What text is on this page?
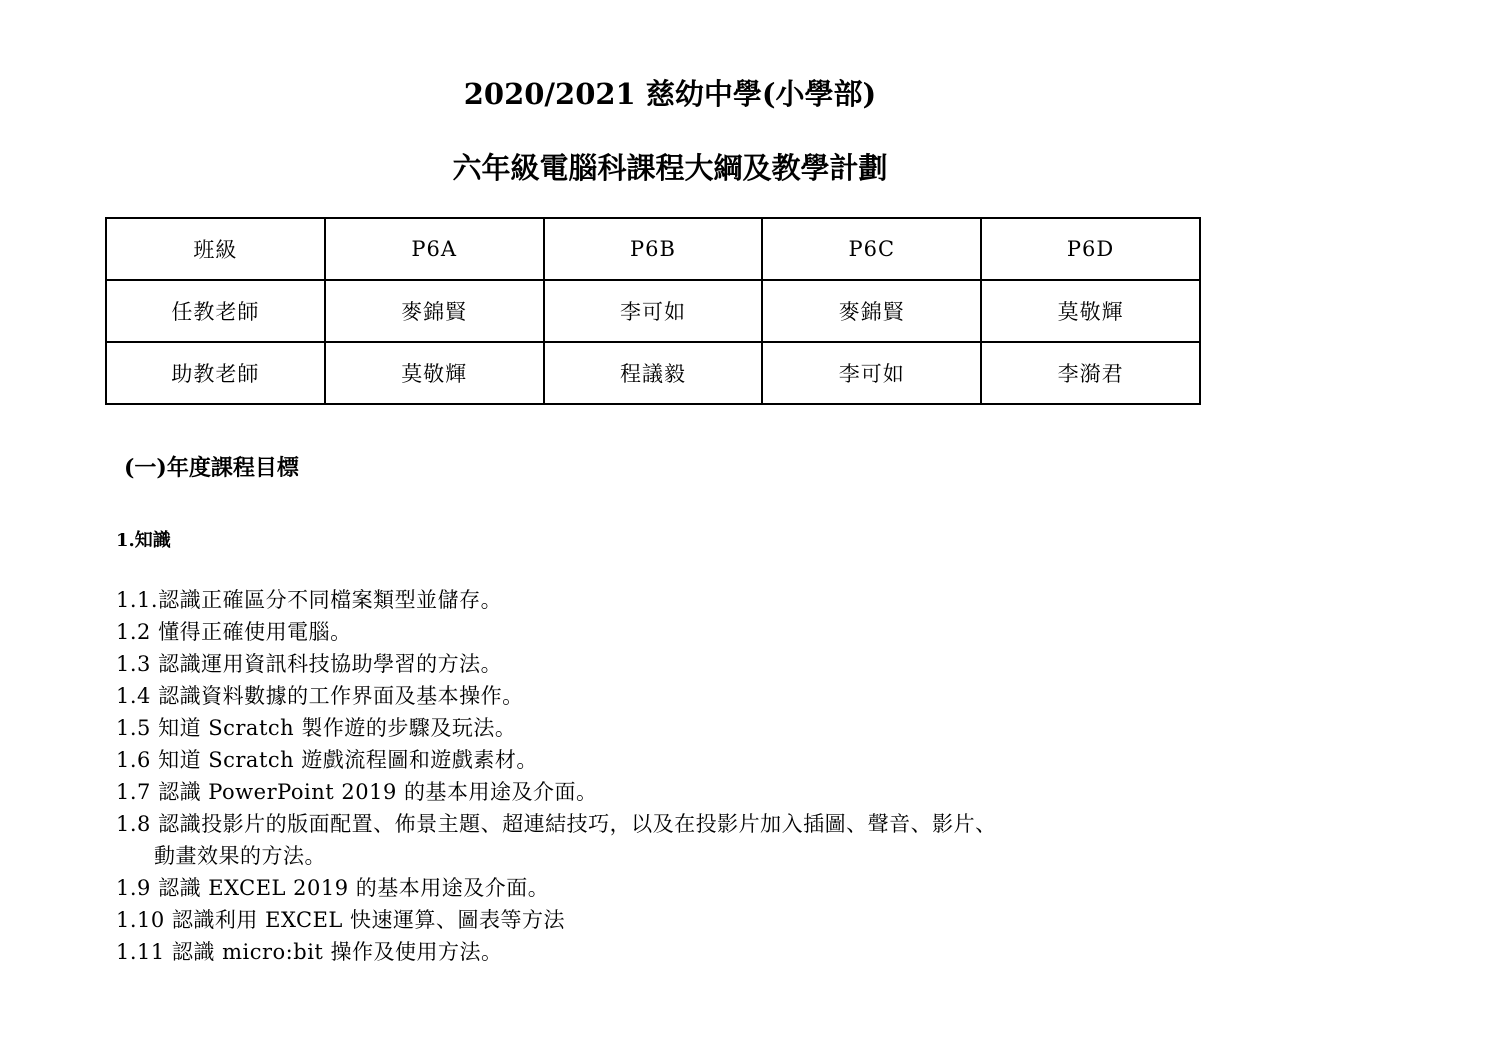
2020/2021 慈幼中學(小學部)
六年級電腦科課程大綱及教學計劃
班級	P6A	P6B	P6C	P6D
任教老師	麥錦賢	李可如	麥錦賢	莫敬輝
助教老師	莫敬輝	程議毅	李可如	李漪君
(一)年度課程目標
1.知識
1.1.認識正確區分不同檔案類型並儲存。
1.2 懂得正確使用電腦。
1.3 認識運用資訊科技協助學習的方法。
1.4 認識資料數據的工作界面及基本操作。
1.5 知道 Scratch 製作遊的步驟及玩法。
1.6 知道 Scratch 遊戲流程圖和遊戲素材。
1.7 認識 PowerPoint 2019 的基本用途及介面。
1.8 認識投影片的版面配置、佈景主題、超連結技巧，以及在投影片加入插圖、聲音、影片、
動畫效果的方法。
1.9 認識 EXCEL 2019 的基本用途及介面。
1.10 認識利用 EXCEL 快速運算、圖表等方法
1.11 認識 micro:bit 操作及使用方法。
